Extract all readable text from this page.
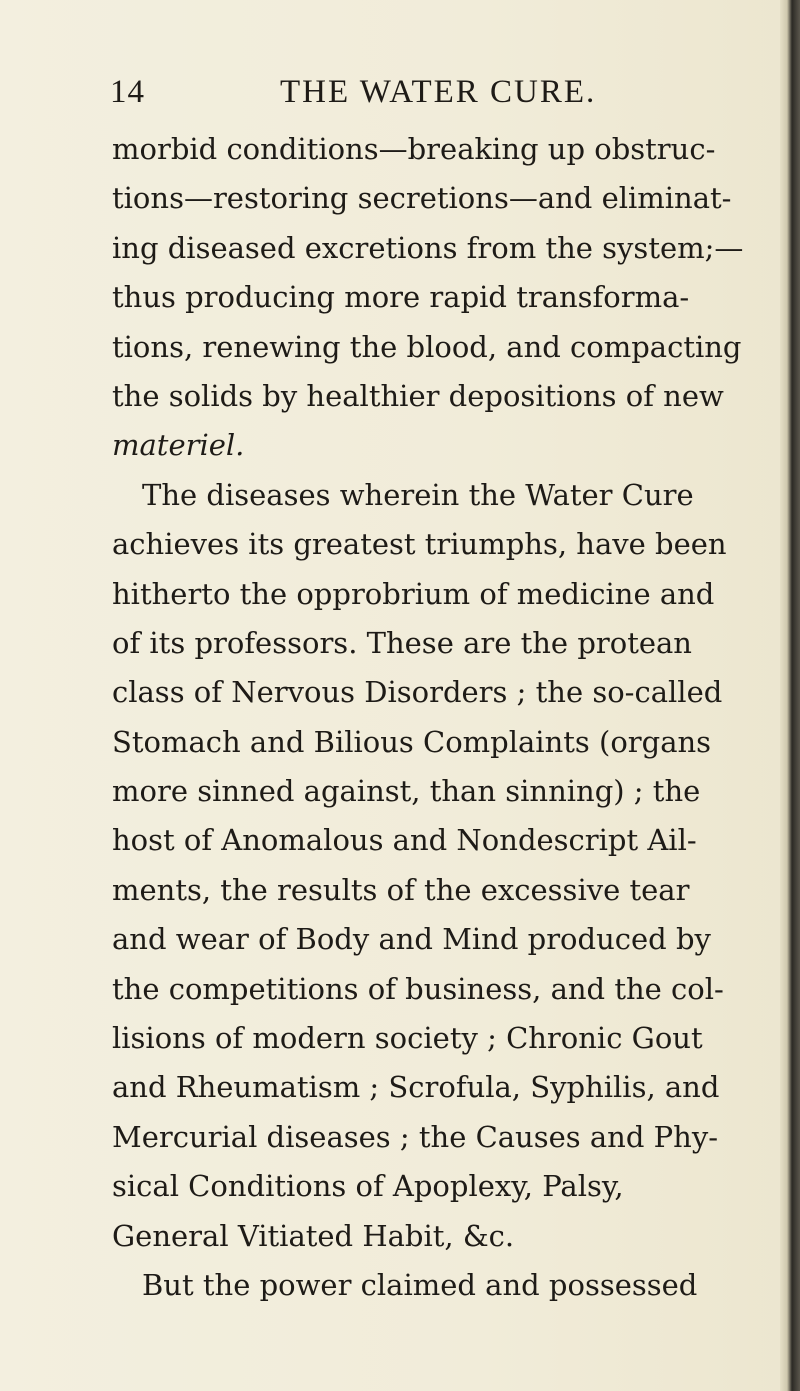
14	THE WATER CURE.
morbid conditions—breaking up obstruc-
tions—restoring secretions—and eliminat-
ing diseased excretions from the system;—
thus producing more rapid transforma-
tions, renewing the blood, and compacting
the solids by healthier depositions of new
materiel.
The diseases wherein the Water Cure
achieves its greatest triumphs, have been
hitherto the opprobrium of medicine and
of its professors. These are the protean
class of Nervous Disorders ; the so-called
Stomach and Bilious Complaints (organs
more sinned against, than sinning) ; the
host of Anomalous and Nondescript Ail-
ments, the results of the excessive tear
and wear of Body and Mind produced by
the competitions of business, and the col-
lisions of modern society ; Chronic Gout
and Rheumatism ; Scrofula, Syphilis, and
Mercurial diseases ; the Causes and Phy-
sical Conditions of Apoplexy, Palsy,
General Vitiated Habit, &c.
But the power claimed and possessed
